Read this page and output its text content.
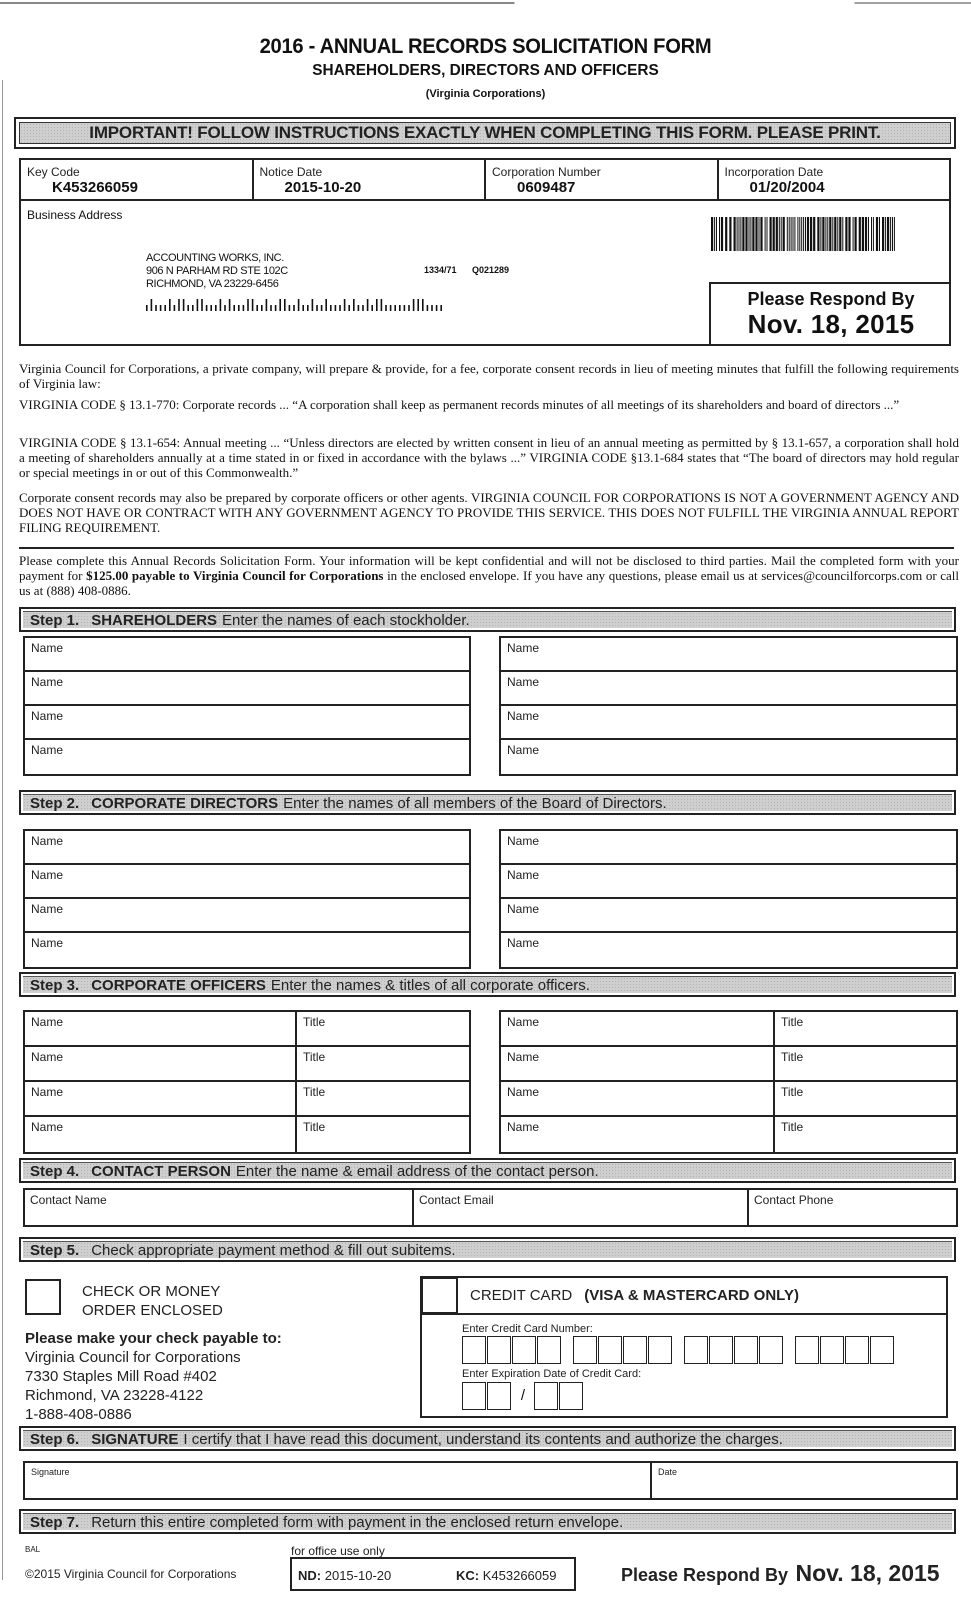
2016 - ANNUAL RECORDS SOLICITATION FORM
SHAREHOLDERS, DIRECTORS AND OFFICERS
(Virginia Corporations)
IMPORTANT! FOLLOW INSTRUCTIONS EXACTLY WHEN COMPLETING THIS FORM. PLEASE PRINT.
Key Code
K453266059
Notice Date
2015-10-20
Corporation Number
0609487
Incorporation Date
01/20/2004
Business Address
ACCOUNTING WORKS, INC.
906 N PARHAM RD STE 102C
RICHMOND, VA 23229-6456
1334/71 Q021289
Please Respond By
Nov. 18, 2015
Virginia Council for Corporations, a private company, will prepare & provide, for a fee, corporate consent records in lieu of meeting minutes that fulfill the following requirements of Virginia law:
VIRGINIA CODE § 13.1-770: Corporate records ... “A corporation shall keep as permanent records minutes of all meetings of its shareholders and board of directors ...”
VIRGINIA CODE § 13.1-654: Annual meeting ... “Unless directors are elected by written consent in lieu of an annual meeting as permitted by § 13.1-657, a corporation shall hold a meeting of shareholders annually at a time stated in or fixed in accordance with the bylaws ...” VIRGINIA CODE §13.1-684 states that “The board of directors may hold regular or special meetings in or out of this Commonwealth.”
Corporate consent records may also be prepared by corporate officers or other agents. VIRGINIA COUNCIL FOR CORPORATIONS IS NOT A GOVERNMENT AGENCY AND DOES NOT HAVE OR CONTRACT WITH ANY GOVERNMENT AGENCY TO PROVIDE THIS SERVICE. THIS DOES NOT FULFILL THE VIRGINIA ANNUAL REPORT FILING REQUIREMENT.
Please complete this Annual Records Solicitation Form. Your information will be kept confidential and will not be disclosed to third parties. Mail the completed form with your payment for $125.00 payable to Virginia Council for Corporations in the enclosed envelope. If you have any questions, please email us at services@councilforcorps.com or call us at (888) 408-0886.
Step 1. SHAREHOLDERS Enter the names of each stockholder.
Name
Name
Name
Name
Name
Name
Name
Name
Step 2. CORPORATE DIRECTORS Enter the names of all members of the Board of Directors.
Name
Name
Name
Name
Name
Name
Name
Name
Step 3. CORPORATE OFFICERS Enter the names & titles of all corporate officers.
Name	Title
Name	Title
Name	Title
Name	Title
Name	Title
Name	Title
Name	Title
Name	Title
Step 4. CONTACT PERSON Enter the name & email address of the contact person.
Contact Name	Contact Email	Contact Phone
Step 5. Check appropriate payment method & fill out subitems.
CHECK OR MONEY
ORDER ENCLOSED
Please make your check payable to:
Virginia Council for Corporations
7330 Staples Mill Road #402
Richmond, VA 23228-4122
1-888-408-0886
CREDIT CARD (VISA & MASTERCARD ONLY)
Enter Credit Card Number:
Enter Expiration Date of Credit Card:
/
Step 6. SIGNATURE I certify that I have read this document, understand its contents and authorize the charges.
Signature	Date
Step 7. Return this entire completed form with payment in the enclosed return envelope.
BAL
©2015 Virginia Council for Corporations
for office use only
ND: 2015-10-20	KC: K453266059	Please Respond By Nov. 18, 2015
